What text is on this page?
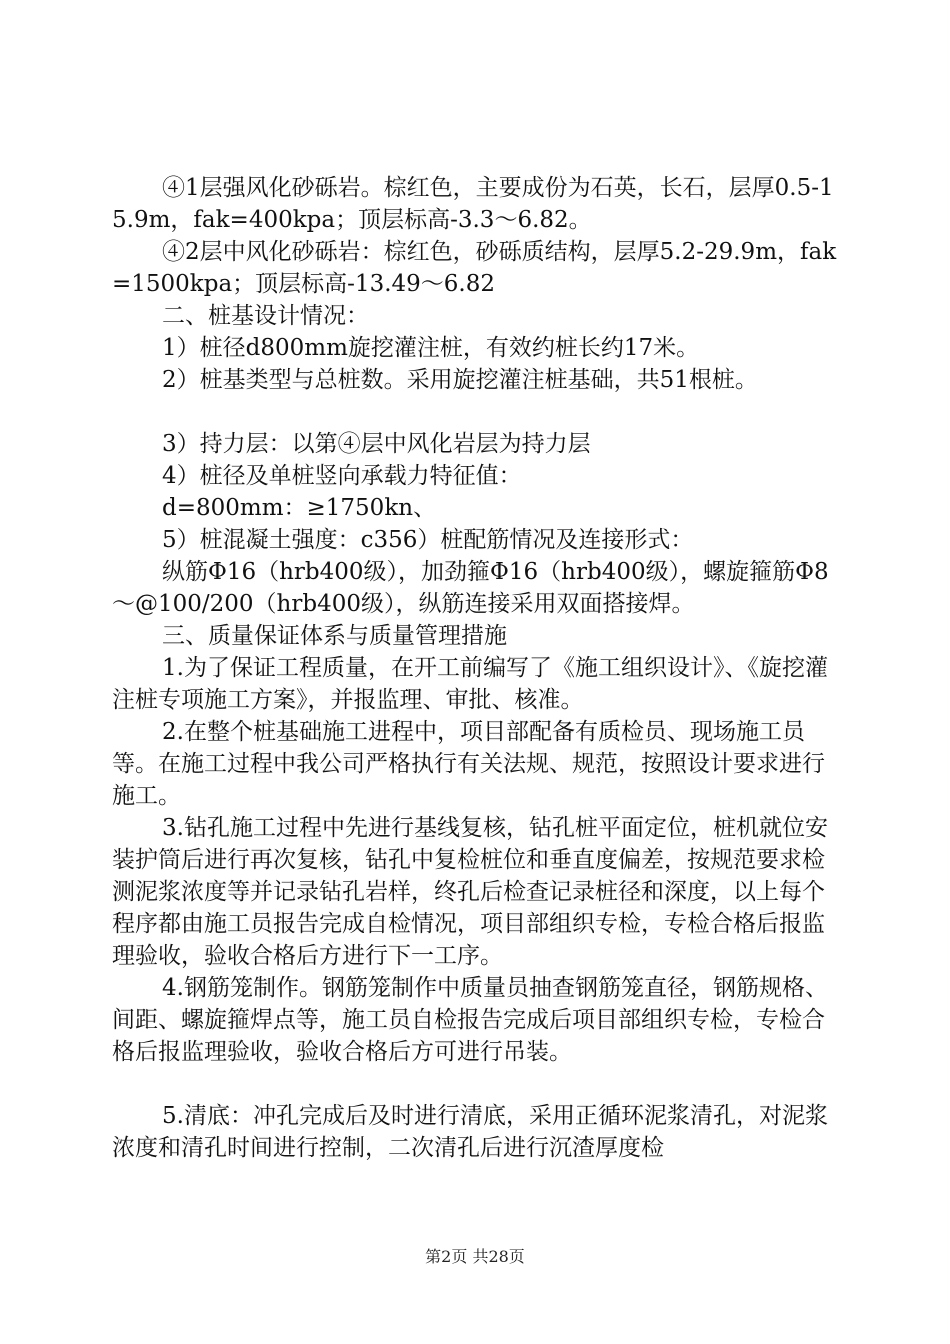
④1层强风化砂砾岩。棕红色，主要成份为石英，长石，层厚0.5-15.9m，fak=400kpa；顶层标高-3.3～6.82。

④2层中风化砂砾岩：棕红色，砂砾质结构，层厚5.2-29.9m，fak=1500kpa；顶层标高-13.49～6.82

二、桩基设计情况：

1）桩径d800mm旋挖灌注桩，有效约桩长约17米。

2）桩基类型与总桩数。采用旋挖灌注桩基础，共51根桩。

3）持力层：以第④层中风化岩层为持力层

4）桩径及单桩竖向承载力特征值：

d=800mm：≥1750kn、

5）桩混凝土强度：c356）桩配筋情况及连接形式：

纵筋Φ16（hrb400级），加劲箍Φ16（hrb400级），螺旋箍筋Φ8～@100/200（hrb400级），纵筋连接采用双面搭接焊。

三、质量保证体系与质量管理措施

1.为了保证工程质量，在开工前编写了《施工组织设计》、《旋挖灌注桩专项施工方案》，并报监理、审批、核准。

2.在整个桩基础施工进程中，项目部配备有质检员、现场施工员等。在施工过程中我公司严格执行有关法规、规范，按照设计要求进行施工。

3.钻孔施工过程中先进行基线复核，钻孔桩平面定位，桩机就位安装护筒后进行再次复核，钻孔中复检桩位和垂直度偏差，按规范要求检测泥浆浓度等并记录钻孔岩样，终孔后检查记录桩径和深度，以上每个程序都由施工员报告完成自检情况，项目部组织专检，专检合格后报监理验收，验收合格后方进行下一工序。

4.钢筋笼制作。钢筋笼制作中质量员抽查钢筋笼直径，钢筋规格、间距、螺旋箍焊点等，施工员自检报告完成后项目部组织专检，专检合格后报监理验收，验收合格后方可进行吊装。

5.清底：冲孔完成后及时进行清底，采用正循环泥浆清孔，对泥浆浓度和清孔时间进行控制，二次清孔后进行沉渣厚度检

第2页 共28页
